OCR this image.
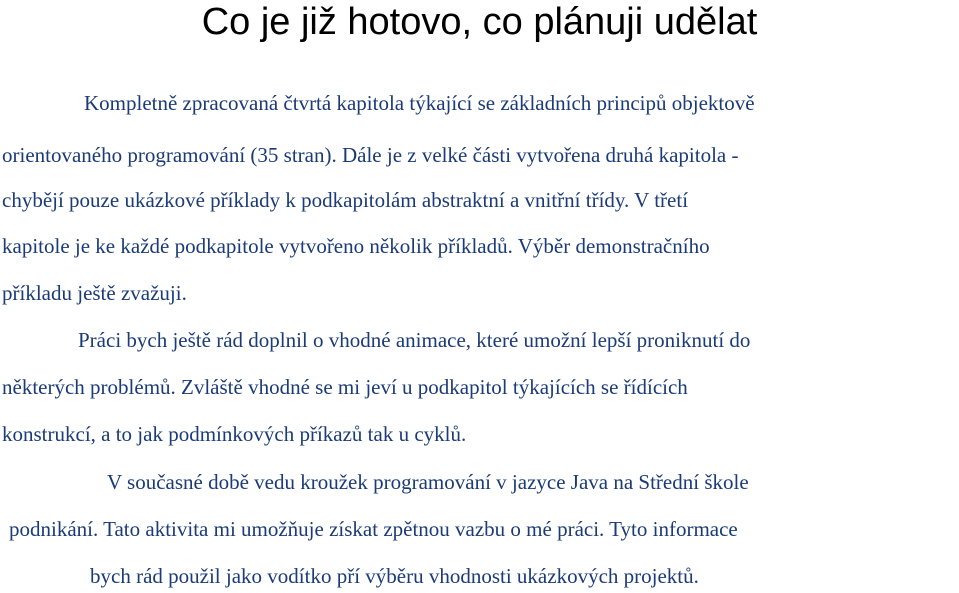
Co je již hotovo, co plánuji udělat

Kompletně zpracovaná čtvrtá kapitola týkající se základních principů objektově

orientovaného programování (35 stran). Dále je z velké části vytvořena druhá kapitola -

chybějí pouze ukázkové příklady k podkapitolám abstraktní a vnitřní třídy. V třetí

kapitole je ke každé podkapitole vytvořeno několik příkladů. Výběr demonstračního

příkladu ještě zvažuji.

Práci bych ještě rád doplnil o vhodné animace, které umožní lepší proniknutí do

některých problémů. Zvláště vhodné se mi jeví u podkapitol týkajících se řídících

konstrukcí, a to jak podmínkových příkazů tak u cyklů.

V současné době vedu kroužek programování v jazyce Java na Střední škole

podnikání. Tato aktivita mi umožňuje získat zpětnou vazbu o mé práci. Tyto informace

bych rád použil jako vodítko pří výběru vhodnosti ukázkových projektů.
